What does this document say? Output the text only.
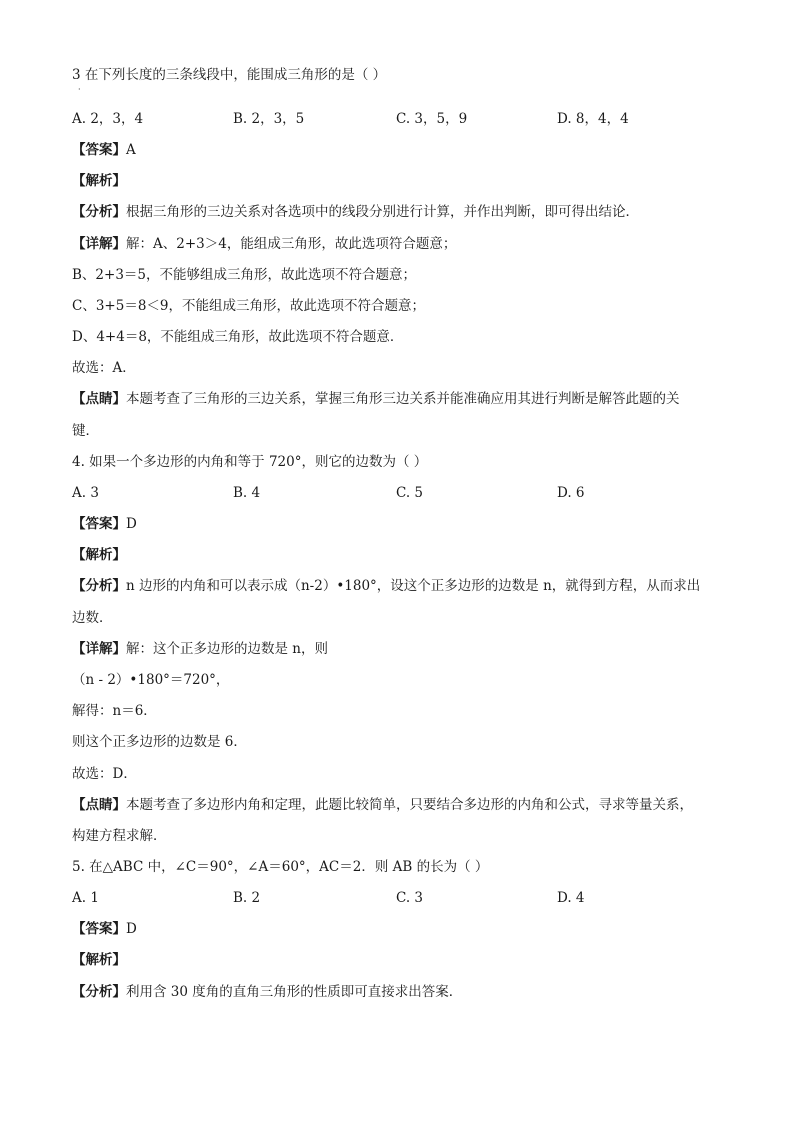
3 在下列长度的三条线段中，能围成三角形的是（ ）
·
A. 2，3，4	B. 2，3，5	C. 3，5，9	D. 8，4，4
【答案】A
【解析】
【分析】根据三角形的三边关系对各选项中的线段分别进行计算，并作出判断，即可得出结论．
【详解】解：A、2+3＞4，能组成三角形，故此选项符合题意；
B、2+3＝5，不能够组成三角形，故此选项不符合题意；
C、3+5＝8＜9，不能组成三角形，故此选项不符合题意；
D、4+4＝8，不能组成三角形，故此选项不符合题意．
故选：A．
【点睛】本题考查了三角形的三边关系，掌握三角形三边关系并能准确应用其进行判断是解答此题的关
键．
4. 如果一个多边形的内角和等于 720°，则它的边数为（ ）
A. 3	B. 4	C. 5	D. 6
【答案】D
【解析】
【分析】n 边形的内角和可以表示成（n-2）•180°，设这个正多边形的边数是 n，就得到方程，从而求出
边数．
【详解】解：这个正多边形的边数是 n，则
（n - 2）•180°＝720°，
解得：n＝6．
则这个正多边形的边数是 6．
故选：D．
【点睛】本题考查了多边形内角和定理，此题比较简单，只要结合多边形的内角和公式，寻求等量关系，
构建方程求解．
5. 在△ABC 中，∠C＝90°，∠A＝60°，AC＝2．则 AB 的长为（ ）
A. 1	B. 2	C. 3	D. 4
【答案】D
【解析】
【分析】利用含 30 度角的直角三角形的性质即可直接求出答案．
